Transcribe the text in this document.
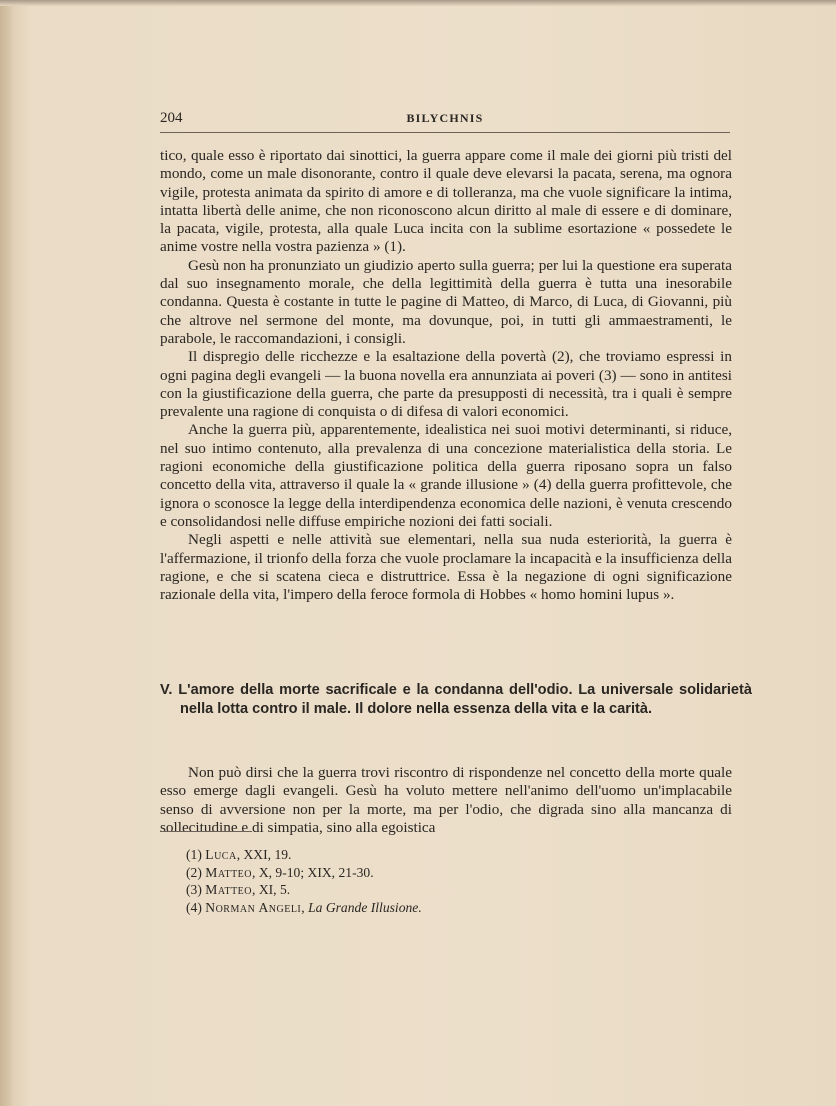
204	BILYCHNIS

tico, quale esso è riportato dai sinottici, la guerra appare come il male dei giorni più tristi del mondo, come un male disonorante, contro il quale deve elevarsi la pacata, serena, ma ognora vigile, protesta animata da spirito di amore e di tolleranza, ma che vuole significare la intima, intatta libertà delle anime, che non riconoscono alcun diritto al male di essere e di dominare, la pacata, vigile, protesta, alla quale Luca incita con la sublime esortazione « possedete le anime vostre nella vostra pazienza » (1).

Gesù non ha pronunziato un giudizio aperto sulla guerra; per lui la questione era superata dal suo insegnamento morale, che della legittimità della guerra è tutta una inesorabile condanna. Questa è costante in tutte le pagine di Matteo, di Marco, di Luca, di Giovanni, più che altrove nel sermone del monte, ma dovunque, poi, in tutti gli ammaestramenti, le parabole, le raccomandazioni, i consigli.

Il dispregio delle ricchezze e la esaltazione della povertà (2), che troviamo espressi in ogni pagina degli evangeli — la buona novella era annunziata ai poveri (3) — sono in antitesi con la giustificazione della guerra, che parte da presupposti di necessità, tra i quali è sempre prevalente una ragione di conquista o di difesa di valori economici.

Anche la guerra più, apparentemente, idealistica nei suoi motivi determinanti, si riduce, nel suo intimo contenuto, alla prevalenza di una concezione materialistica della storia. Le ragioni economiche della giustificazione politica della guerra riposano sopra un falso concetto della vita, attraverso il quale la « grande illusione » (4) della guerra profittevole, che ignora o sconosce la legge della interdipendenza economica delle nazioni, è venuta crescendo e consolidandosi nelle diffuse empiriche nozioni dei fatti sociali.

Negli aspetti e nelle attività sue elementari, nella sua nuda esteriorità, la guerra è l'affermazione, il trionfo della forza che vuole proclamare la incapacità e la insufficienza della ragione, e che si scatena cieca e distruttrice. Essa è la negazione di ogni significazione razionale della vita, l'impero della feroce formola di Hobbes « homo homini lupus ».

V. L'amore della morte sacrificale e la condanna dell'odio. La universale solidarietà nella lotta contro il male. Il dolore nella essenza della vita e la carità.

Non può dirsi che la guerra trovi riscontro di rispondenze nel concetto della morte quale esso emerge dagli evangeli. Gesù ha voluto mettere nell'animo dell'uomo un'implacabile senso di avversione non per la morte, ma per l'odio, che digrada sino alla mancanza di sollecitudine e di simpatia, sino alla egoistica

(1) Luca, XXI, 19.

(2) Matteo, X, 9-10; XIX, 21-30.

(3) Matteo, XI, 5.

(4) Norman Angeli, La Grande Illusione.
